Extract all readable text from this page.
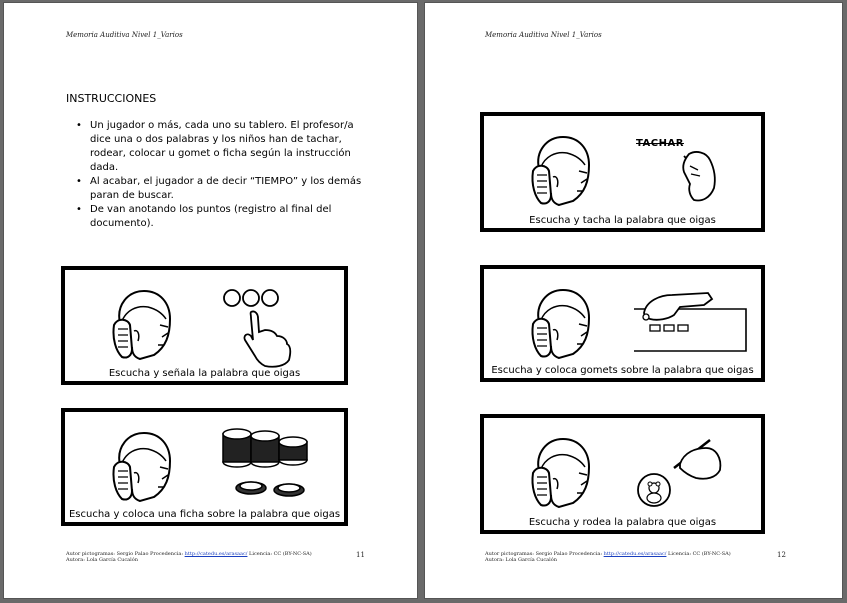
Memoria Auditiva Nivel 1_Varios
INSTRUCCIONES
• Un jugador o más, cada uno su tablero. El profesor/a dice una o dos palabras y los niños han de tachar, rodear, colocar u gomet o ficha según la instrucción dada.
• Al acabar, el jugador a de decir “TIEMPO” y los demás paran de buscar.
• De van anotando los puntos (registro al final del documento).
Escucha y señala la palabra que oigas
Escucha y coloca una ficha sobre la palabra que oigas
Autor pictogramas: Sergio Palao Procedencia: http://catedu.es/arasaac/ Licencia: CC (BY-NC-SA)
Autora: Lola García Cucalón
11
Memoria Auditiva Nivel 1_Varios
TACHAR
Escucha y tacha la palabra que oigas
Escucha y coloca gomets sobre la palabra que oigas
Escucha y rodea la palabra que oigas
Autor pictogramas: Sergio Palao Procedencia: http://catedu.es/arasaac/ Licencia: CC (BY-NC-SA)
Autora: Lola García Cucalón
12
